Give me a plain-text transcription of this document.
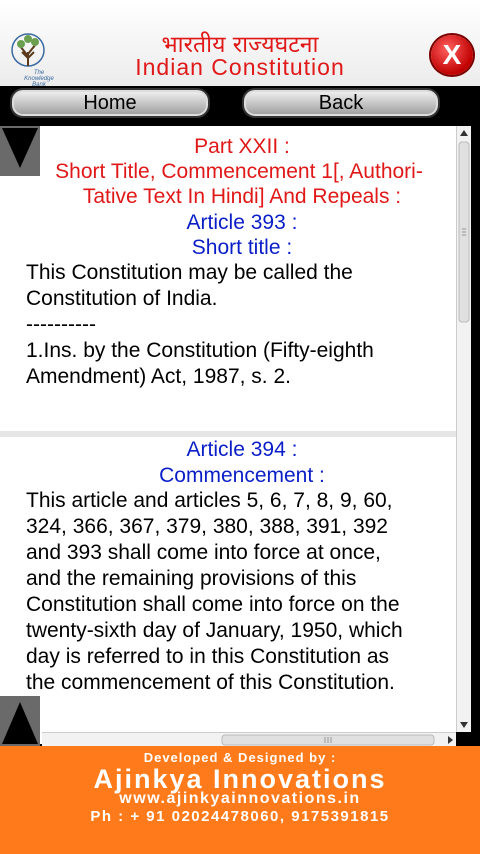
The Knowledge Bank
भारतीय राज्यघटना
Indian Constitution	X
Home	Back
Part XXII :
Short Title, Commencement 1[, Authori-
Tative Text In Hindi] And Repeals :
Article 393 :
Short title :
This Constitution may be called the
Constitution of India.
----------
1.Ins. by the Constitution (Fifty-eighth
Amendment) Act, 1987, s. 2.
Article 394 :
Commencement :
This article and articles 5, 6, 7, 8, 9, 60,
324, 366, 367, 379, 380, 388, 391, 392
and 393 shall come into force at once,
and the remaining provisions of this
Constitution shall come into force on the
twenty-sixth day of January, 1950, which
day is referred to in this Constitution as
the commencement of this Constitution.
Developed & Designed by :
Ajinkya Innovations
www.ajinkyainnovations.in
Ph : + 91 02024478060, 9175391815
